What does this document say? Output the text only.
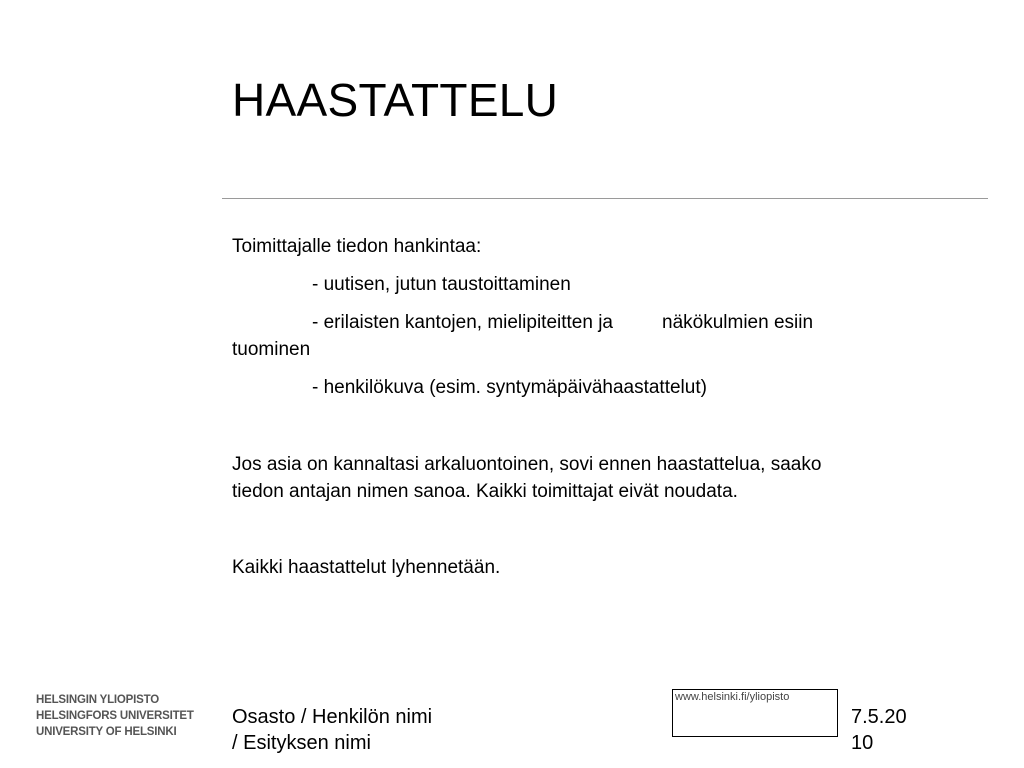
HAASTATTELU
Toimittajalle tiedon hankintaa:
- uutisen, jutun taustoittaminen
- erilaisten kantojen, mielipiteitten ja	näkökulmien esiin
tuominen
- henkilökuva (esim. syntymäpäivähaastattelut)
Jos asia on kannaltasi arkaluontoinen, sovi ennen haastattelua, saako
tiedon antajan nimen sanoa. Kaikki toimittajat eivät noudata.
Kaikki haastattelut lyhennetään.
HELSINGIN YLIOPISTO
HELSINGFORS UNIVERSITET
UNIVERSITY OF HELSINKI
Osasto / Henkilön nimi
/ Esityksen nimi
www.helsinki.fi/yliopisto
7.5.20
10
